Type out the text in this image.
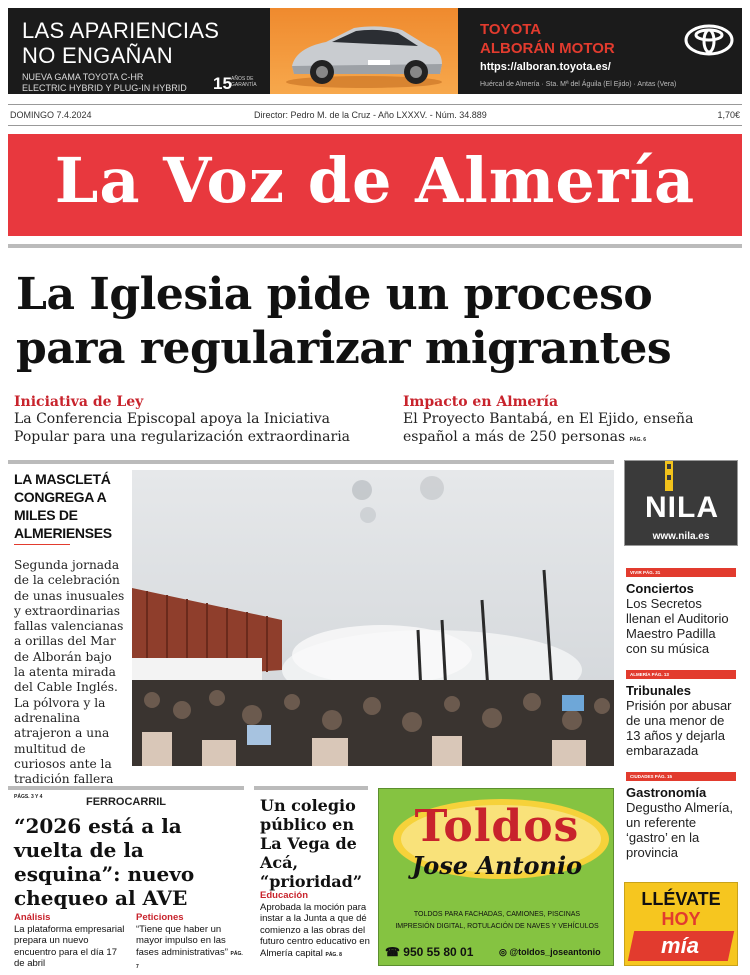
LAS APARIENCIAS
NO ENGAÑAN
NUEVA GAMA TOYOTA C-HR
ELECTRIC HYBRID Y PLUG-IN HYBRID 15 AÑOS DE GARANTÍA
TOYOTA
ALBORÁN MOTOR
https://alboran.toyota.es/
Huércal de Almería · Sta. Mª del Águila (El Ejido) · Antas (Vera)
DOMINGO 7.4.2024	Director: Pedro M. de la Cruz - Año LXXXV. - Núm. 34.889	1,70€
La Voz de Almería
La Iglesia pide un proceso
para regularizar migrantes
Iniciativa de Ley
La Conferencia Episcopal apoya la Iniciativa Popular para una regularización extraordinaria
Impacto en Almería
El Proyecto Bantabá, en El Ejido, enseña español a más de 250 personas PÁG. 6
LA MASCLETÁ CONGREGA A MILES DE ALMERIENSES
Segunda jornada de la celebración de unas inusuales y extraordinarias fallas valencianas a orillas del Mar de Alborán bajo la atenta mirada del Cable Inglés. La pólvora y la adrenalina atrajeron a una multitud de curiosos ante la tradición fallera
PÁGS. 3 Y 4
NILA
www.nila.es
VIVIR PÁG. 31
Conciertos
Los Secretos llenan el Auditorio Maestro Padilla con su música
ALMERÍA PÁG. 13
Tribunales
Prisión por abusar de una menor de 13 años y dejarla embarazada
CIUDADES PÁG. 15
Gastronomía
Degustho Almería, un referente ‘gastro’ en la provincia
LLÉVATE
HOY
mía
FERROCARRIL
“2026 está a la vuelta de la esquina”: nuevo chequeo al AVE
Análisis
La plataforma empresarial prepara un nuevo encuentro para el día 17 de abril
Peticiones
“Tiene que haber un mayor impulso en las fases administrativas” PÁG. 7
Un colegio público en La Vega de Acá, “prioridad”
Educación
Aprobada la moción para instar a la Junta a que dé comienzo a las obras del futuro centro educativo en Almería capital PÁG. 8
Toldos
Jose Antonio
TOLDOS PARA FACHADAS, CAMIONES, PISCINAS
IMPRESIÓN DIGITAL, ROTULACIÓN DE NAVES Y VEHÍCULOS
☎ 950 55 80 01	◎ @toldos_joseantonio
